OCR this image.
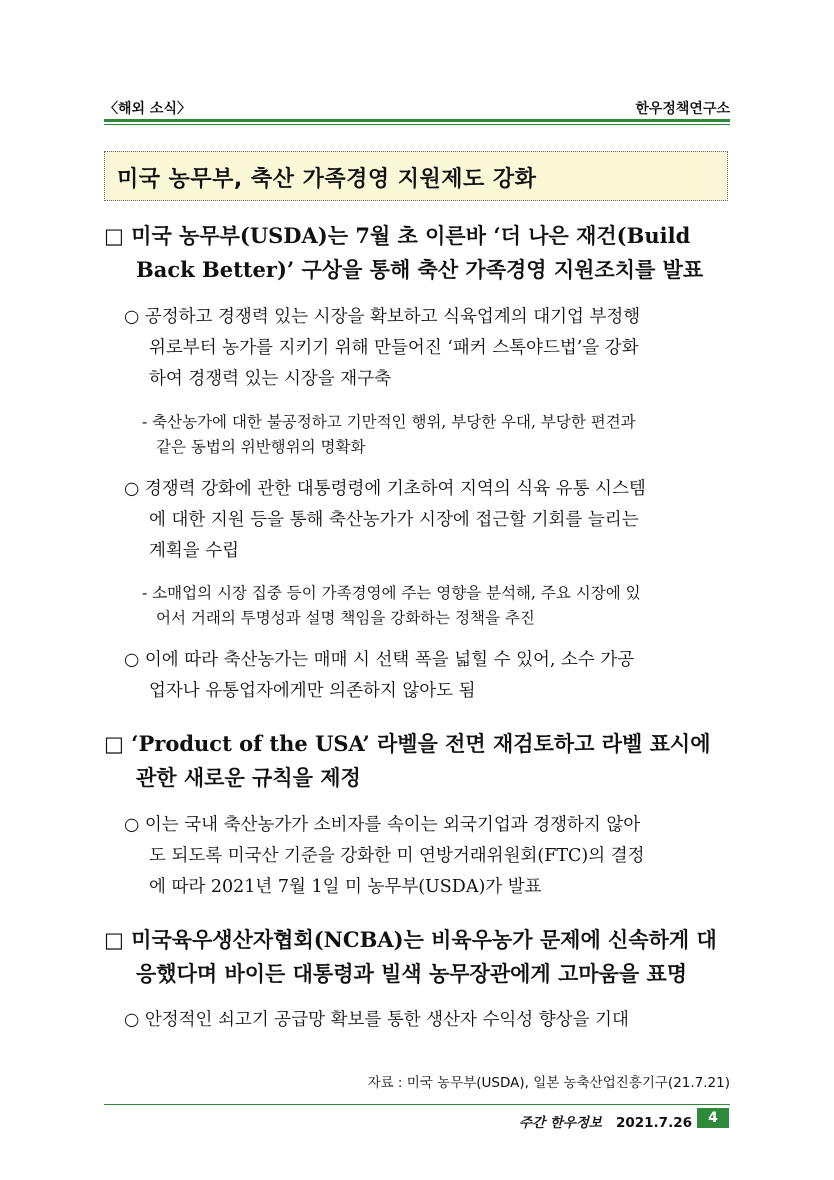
〈해외 소식〉	한우정책연구소
미국 농무부, 축산 가족경영 지원제도 강화
□ 미국 농무부(USDA)는 7월 초 이른바 ‘더 나은 재건(Build
Back Better)’ 구상을 통해 축산 가족경영 지원조치를 발표
○ 공정하고 경쟁력 있는 시장을 확보하고 식육업계의 대기업 부정행
위로부터 농가를 지키기 위해 만들어진 ‘패커 스톡야드법’을 강화
하여 경쟁력 있는 시장을 재구축
- 축산농가에 대한 불공정하고 기만적인 행위, 부당한 우대, 부당한 편견과
같은 동법의 위반행위의 명확화
○ 경쟁력 강화에 관한 대통령령에 기초하여 지역의 식육 유통 시스템
에 대한 지원 등을 통해 축산농가가 시장에 접근할 기회를 늘리는
계획을 수립
- 소매업의 시장 집중 등이 가족경영에 주는 영향을 분석해, 주요 시장에 있
어서 거래의 투명성과 설명 책임을 강화하는 정책을 추진
○ 이에 따라 축산농가는 매매 시 선택 폭을 넓힐 수 있어, 소수 가공
업자나 유통업자에게만 의존하지 않아도 됨
□ ‘Product of the USA’ 라벨을 전면 재검토하고 라벨 표시에
관한 새로운 규칙을 제정
○ 이는 국내 축산농가가 소비자를 속이는 외국기업과 경쟁하지 않아
도 되도록 미국산 기준을 강화한 미 연방거래위원회(FTC)의 결정
에 따라 2021년 7월 1일 미 농무부(USDA)가 발표
□ 미국육우생산자협회(NCBA)는 비육우농가 문제에 신속하게 대
응했다며 바이든 대통령과 빌색 농무장관에게 고마움을 표명
○ 안정적인 쇠고기 공급망 확보를 통한 생산자 수익성 향상을 기대
자료 : 미국 농무부(USDA), 일본 농축산업진흥기구(21.7.21)
주간 한우정보 2021.7.26	4
